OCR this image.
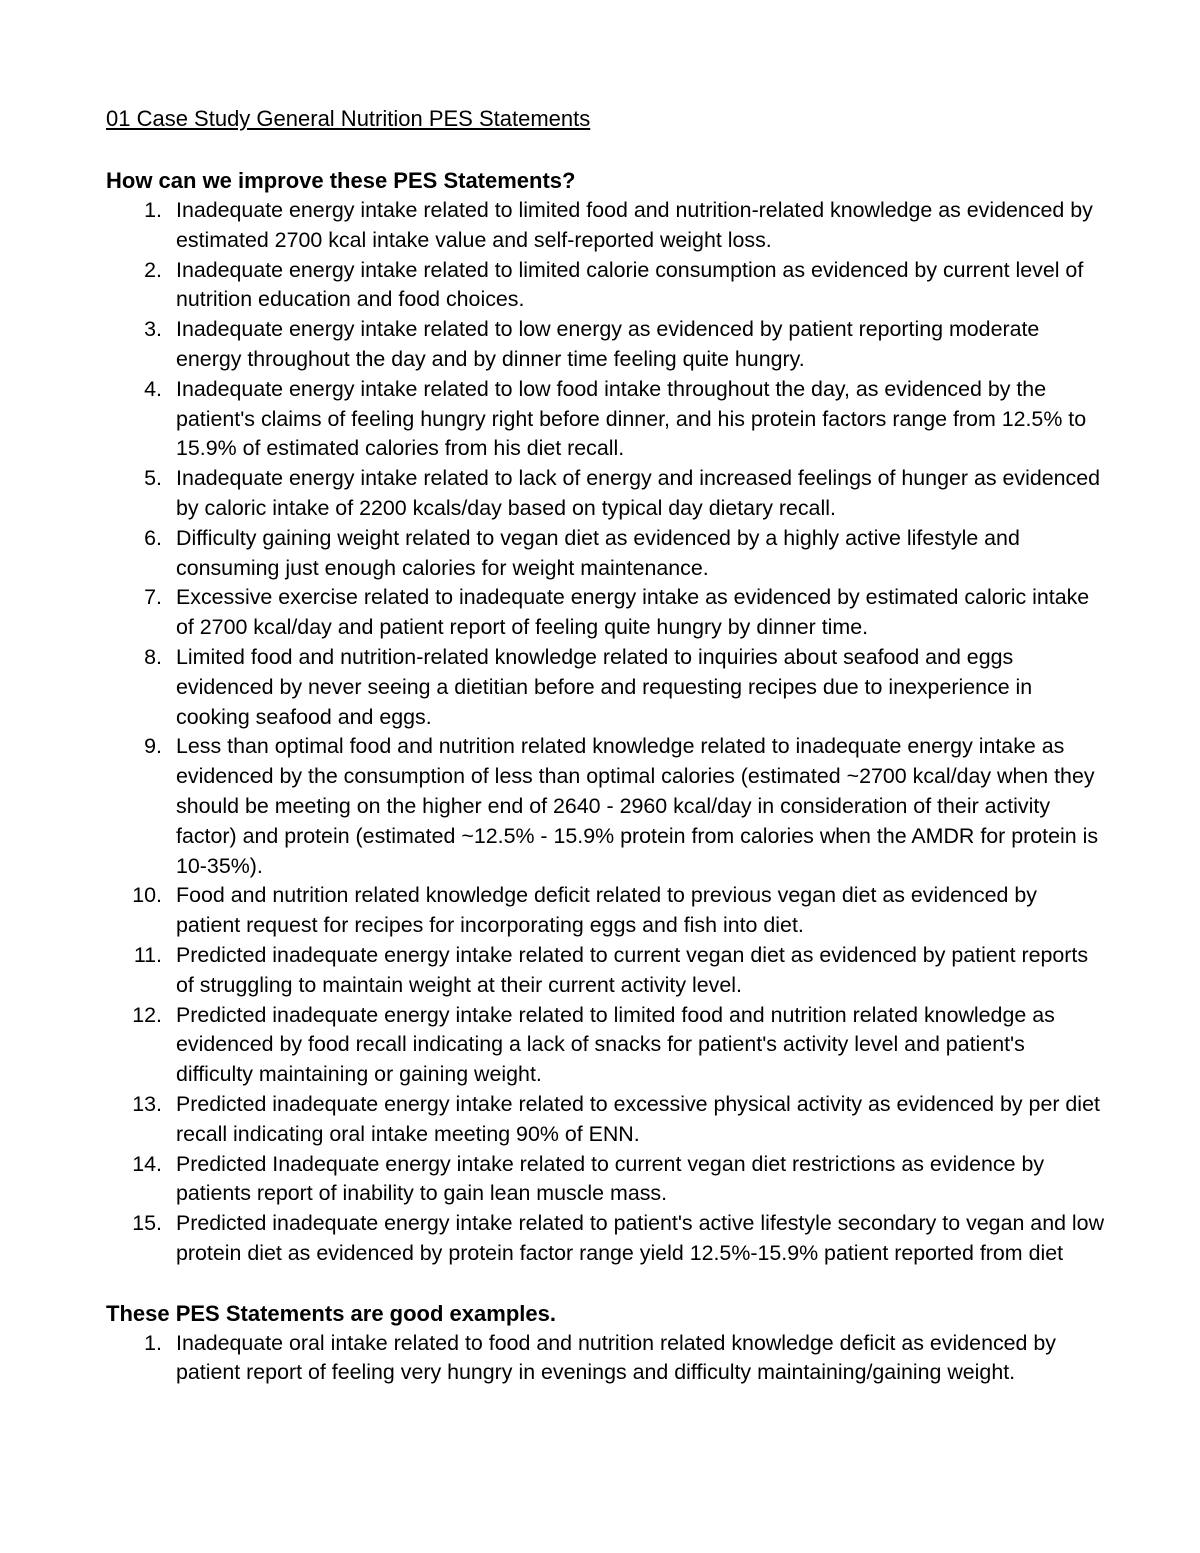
01 Case Study General Nutrition PES Statements
How can we improve these PES Statements?
1 . Inadequate energy intake related to limited food and nutrition-related knowledge as evidenced by estimated 2700 kcal intake value and self-reported weight loss.
2 . Inadequate energy intake related to limited calorie consumption as evidenced by current level of nutrition education and food choices.
3 . Inadequate energy intake related to low energy as evidenced by patient reporting moderate energy throughout the day and by dinner time feeling quite hungry.
4 . Inadequate energy intake related to low food intake throughout the day, as evidenced by the patient's claims of feeling hungry right before dinner, and his protein factors range from 12.5% to 15.9% of estimated calories from his diet recall.
5 . Inadequate energy intake related to lack of energy and increased feelings of hunger as evidenced by caloric intake of 2200 kcals/day based on typical day dietary recall.
6 . Difficulty gaining weight related to vegan diet as evidenced by a highly active lifestyle and consuming just enough calories for weight maintenance.
7 . Excessive exercise related to inadequate energy intake as evidenced by estimated caloric intake of 2700 kcal/day and patient report of feeling quite hungry by dinner time.
8 . Limited food and nutrition-related knowledge related to inquiries about seafood and eggs evidenced by never seeing a dietitian before and requesting recipes due to inexperience in cooking seafood and eggs.
9 . Less than optimal food and nutrition related knowledge related to inadequate energy intake as evidenced by the consumption of less than optimal calories (estimated ~2700 kcal/day when they should be meeting on the higher end of 2640 - 2960 kcal/day in consideration of their activity factor) and protein (estimated ~12.5% - 15.9% protein from calories when the AMDR for protein is 10-35%).
10 . Food and nutrition related knowledge deficit related to previous vegan diet as evidenced by patient request for recipes for incorporating eggs and fish into diet.
11 . Predicted inadequate energy intake related to current vegan diet as evidenced by patient reports of struggling to maintain weight at their current activity level.
12 . Predicted inadequate energy intake related to limited food and nutrition related knowledge as evidenced by food recall indicating a lack of snacks for patient's activity level and patient's difficulty maintaining or gaining weight.
13 . Predicted inadequate energy intake related to excessive physical activity as evidenced by per diet recall indicating oral intake meeting 90% of ENN.
14 . Predicted Inadequate energy intake related to current vegan diet restrictions as evidence by patients report of inability to gain lean muscle mass.
15 . Predicted inadequate energy intake related to patient's active lifestyle secondary to vegan and low protein diet as evidenced by protein factor range yield 12.5%-15.9% patient reported from diet
These PES Statements are good examples.
1 . Inadequate oral intake related to food and nutrition related knowledge deficit as evidenced by patient report of feeling very hungry in evenings and difficulty maintaining/gaining weight.
